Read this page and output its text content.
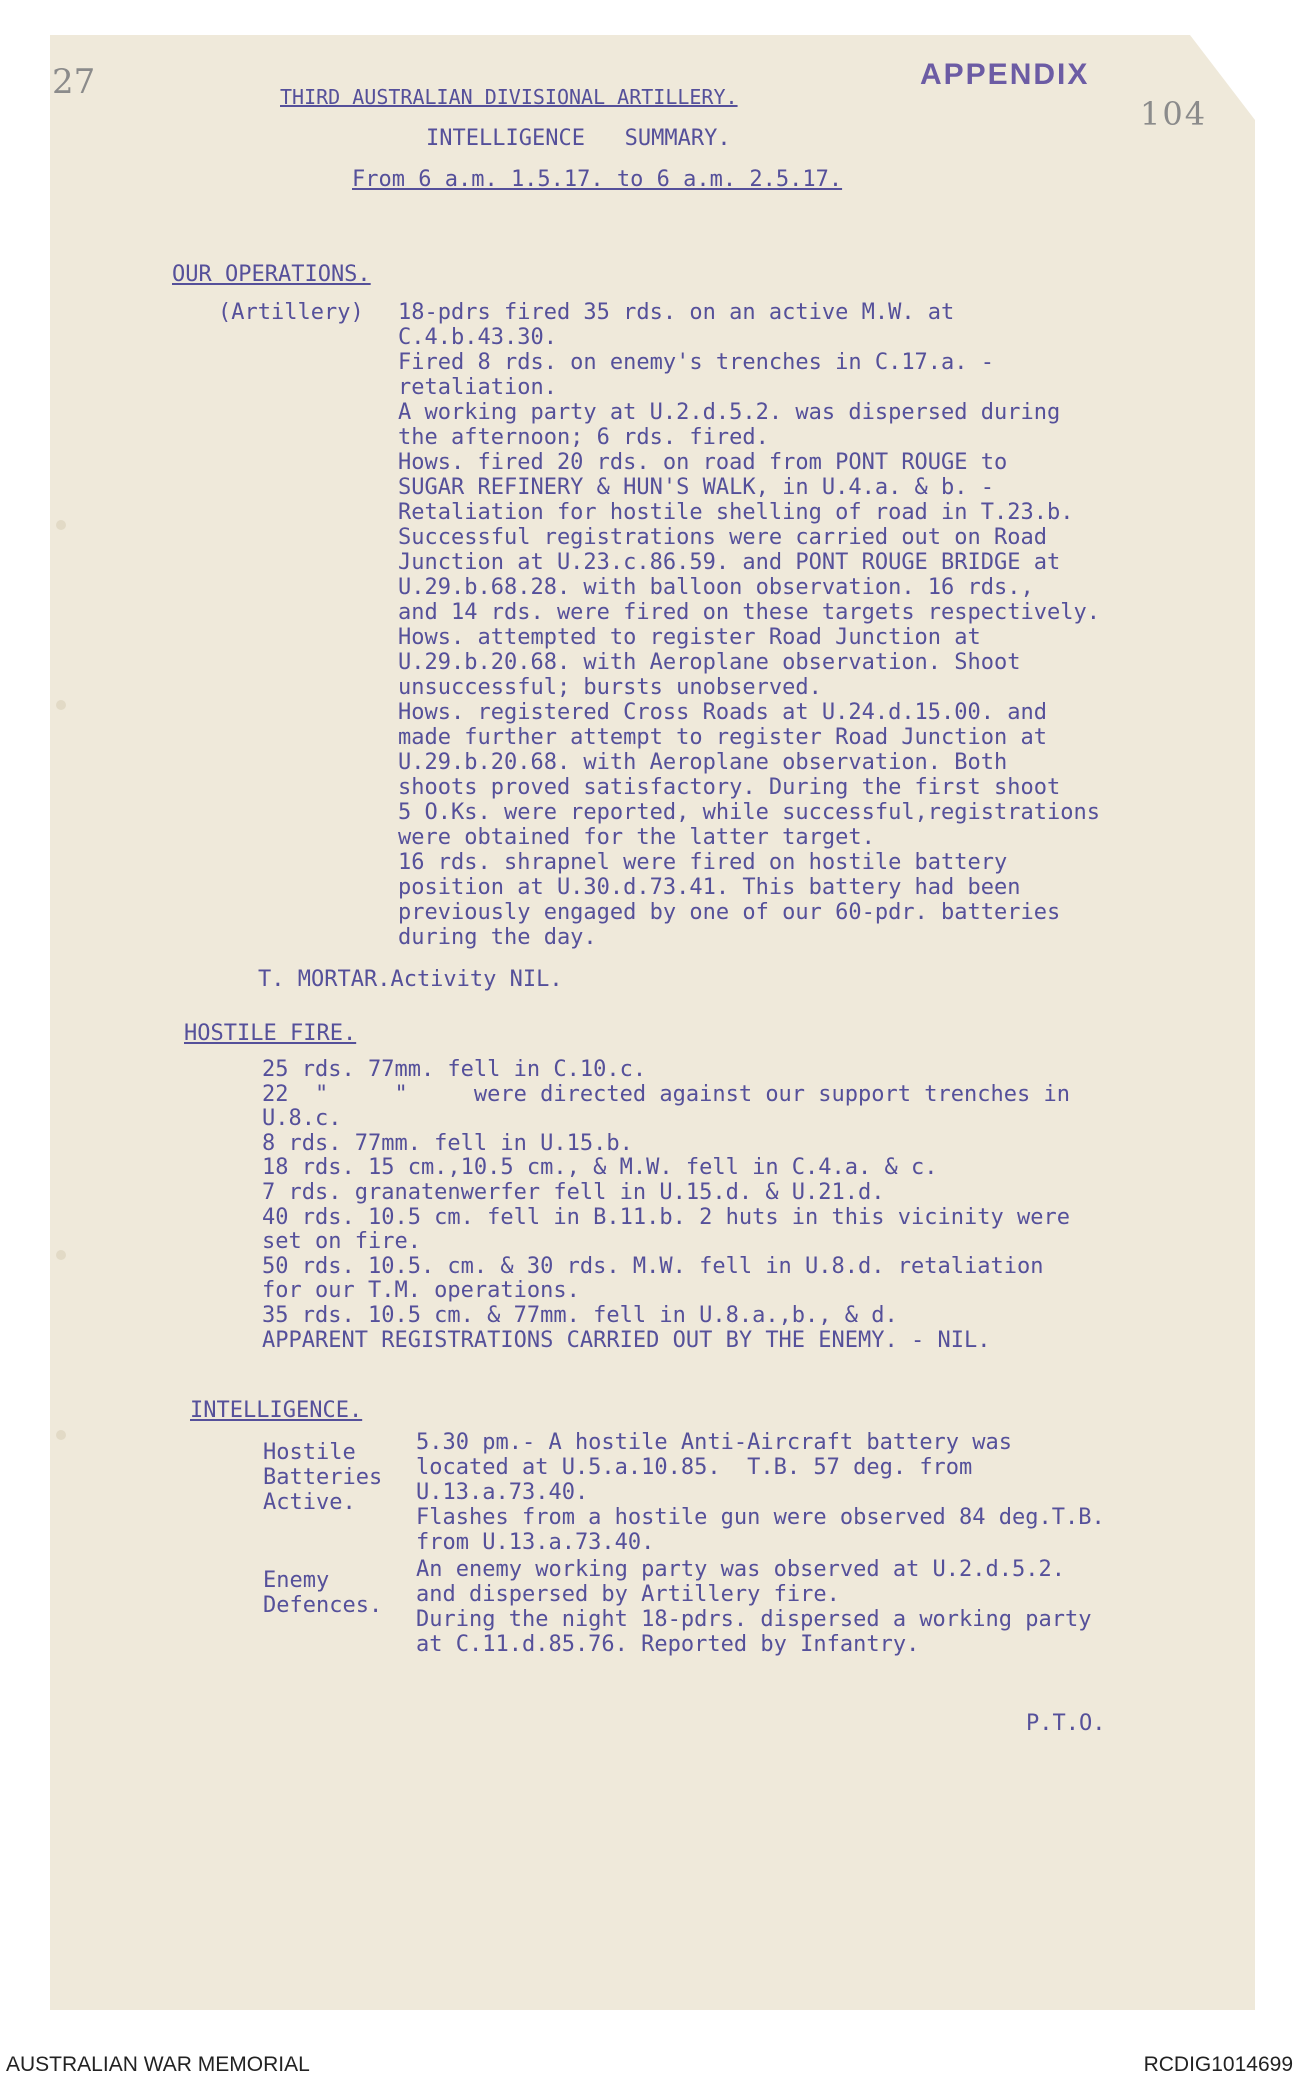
27	APPENDIX
104
THIRD AUSTRALIAN DIVISIONAL ARTILLERY.
INTELLIGENCE   SUMMARY.
From 6 a.m. 1.5.17. to 6 a.m. 2.5.17.
OUR OPERATIONS.
(Artillery) 18-pdrs fired 35 rds. on an active M.W. at
C.4.b.43.30.
Fired 8 rds. on enemy's trenches in C.17.a. -
retaliation.
A working party at U.2.d.5.2. was dispersed during
the afternoon; 6 rds. fired.
Hows. fired 20 rds. on road from PONT ROUGE to
SUGAR REFINERY & HUN'S WALK, in U.4.a. & b. -
Retaliation for hostile shelling of road in T.23.b.
Successful registrations were carried out on Road
Junction at U.23.c.86.59. and PONT ROUGE BRIDGE at
U.29.b.68.28. with balloon observation. 16 rds.,
and 14 rds. were fired on these targets respectively.
Hows. attempted to register Road Junction at
U.29.b.20.68. with Aeroplane observation. Shoot
unsuccessful; bursts unobserved.
Hows. registered Cross Roads at U.24.d.15.00. and
made further attempt to register Road Junction at
U.29.b.20.68. with Aeroplane observation. Both
shoots proved satisfactory. During the first shoot
5 O.Ks. were reported, while successful,registrations
were obtained for the latter target.
16 rds. shrapnel were fired on hostile battery
position at U.30.d.73.41. This battery had been
previously engaged by one of our 60-pdr. batteries
during the day.
T. MORTAR.Activity NIL.
HOSTILE FIRE.
25 rds. 77mm. fell in C.10.c.
22  "     "     were directed against our support trenches in
U.8.c.
8 rds. 77mm. fell in U.15.b.
18 rds. 15 cm.,10.5 cm., & M.W. fell in C.4.a. & c.
7 rds. granatenwerfer fell in U.15.d. & U.21.d.
40 rds. 10.5 cm. fell in B.11.b. 2 huts in this vicinity were
set on fire.
50 rds. 10.5. cm. & 30 rds. M.W. fell in U.8.d. retaliation
for our T.M. operations.
35 rds. 10.5 cm. & 77mm. fell in U.8.a.,b., & d.
APPARENT REGISTRATIONS CARRIED OUT BY THE ENEMY. - NIL.
INTELLIGENCE.
Hostile
Batteries
Active.
5.30 pm.- A hostile Anti-Aircraft battery was
located at U.5.a.10.85.  T.B. 57 deg. from
U.13.a.73.40.
Flashes from a hostile gun were observed 84 deg.T.B.
from U.13.a.73.40.
Enemy
Defences.
An enemy working party was observed at U.2.d.5.2.
and dispersed by Artillery fire.
During the night 18-pdrs. dispersed a working party
at C.11.d.85.76. Reported by Infantry.
P.T.O.
AUSTRALIAN WAR MEMORIAL	RCDIG1014699
